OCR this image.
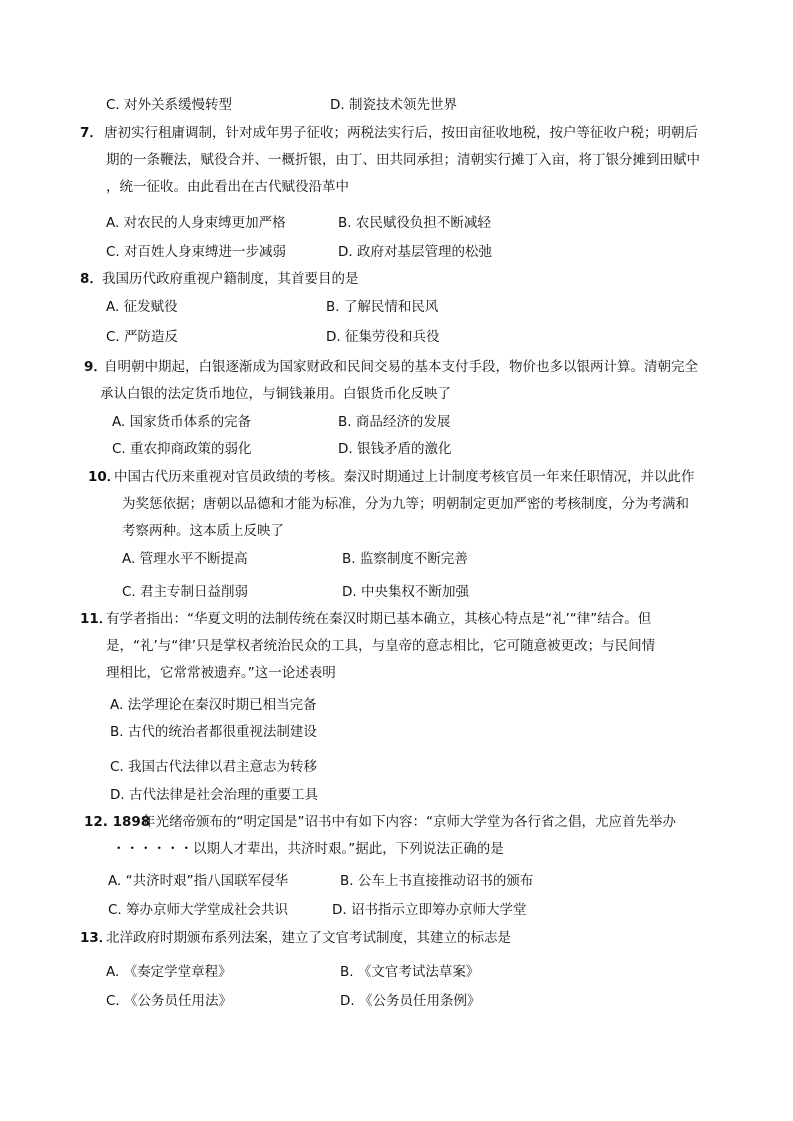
C. 对外关系缓慢转型	D. 制瓷技术领先世界
7． 唐初实行租庸调制，针对成年男子征收；两税法实行后，按田亩征收地税，按户等征收户税；明朝后
期的一条鞭法，赋役合并、一概折银，由丁、田共同承担；清朝实行摊丁入亩，将丁银分摊到田赋中
，统一征收。由此看出在古代赋役沿革中
A. 对农民的人身束缚更加严格	B. 农民赋役负担不断减轻
C. 对百姓人身束缚进一步减弱	D. 政府对基层管理的松弛
8． 我国历代政府重视户籍制度，其首要目的是
A. 征发赋役	B. 了解民情和民风
C. 严防造反	D. 征集劳役和兵役
9．
自明朝中期起，白银逐渐成为国家财政和民间交易的基本支付手段，物价也多以银两计算。清朝完全
承认白银的法定货币地位，与铜钱兼用。白银货币化反映了
A. 国家货币体系的完备	B. 商品经济的发展
C. 重农抑商政策的弱化	D. 银钱矛盾的激化
10．
中国古代历来重视对官员政绩的考核。秦汉时期通过上计制度考核官员一年来任职情况，并以此作
为奖惩依据；唐朝以品德和才能为标准，分为九等；明朝制定更加严密的考核制度，分为考满和
考察两种。这本质上反映了
A. 管理水平不断提高	B. 监察制度不断完善
C. 君主专制日益削弱	D. 中央集权不断加强
11．
有学者指出：“华夏文明的法制传统在秦汉时期已基本确立，其核心特点是“礼’“律”结合。但
是，“礼’与“律’只是掌权者统治民众的工具，与皇帝的意志相比，它可随意被更改；与民间情
理相比，它常常被遗弃。”这一论述表明
A. 法学理论在秦汉时期已相当完备
B. 古代的统治者都很重视法制建设
C. 我国古代法律以君主意志为转移
D. 古代法律是社会治理的重要工具
12. 1898
年光绪帝颁布的“明定国是”诏书中有如下内容：“京师大学堂为各行省之倡，尤应首先举办
・・・・・・以期人才辈出，共济时艰。”据此，下列说法正确的是
A. “共济时艰”指八国联军侵华	B. 公车上书直接推动诏书的颁布
C. 筹办京师大学堂成社会共识	D. 诏书指示立即筹办京师大学堂
13．
北洋政府时期颁布系列法案，建立了文官考试制度，其建立的标志是
A. 《奏定学堂章程》	B. 《文官考试法草案》
C. 《公务员任用法》	D. 《公务员任用条例》
